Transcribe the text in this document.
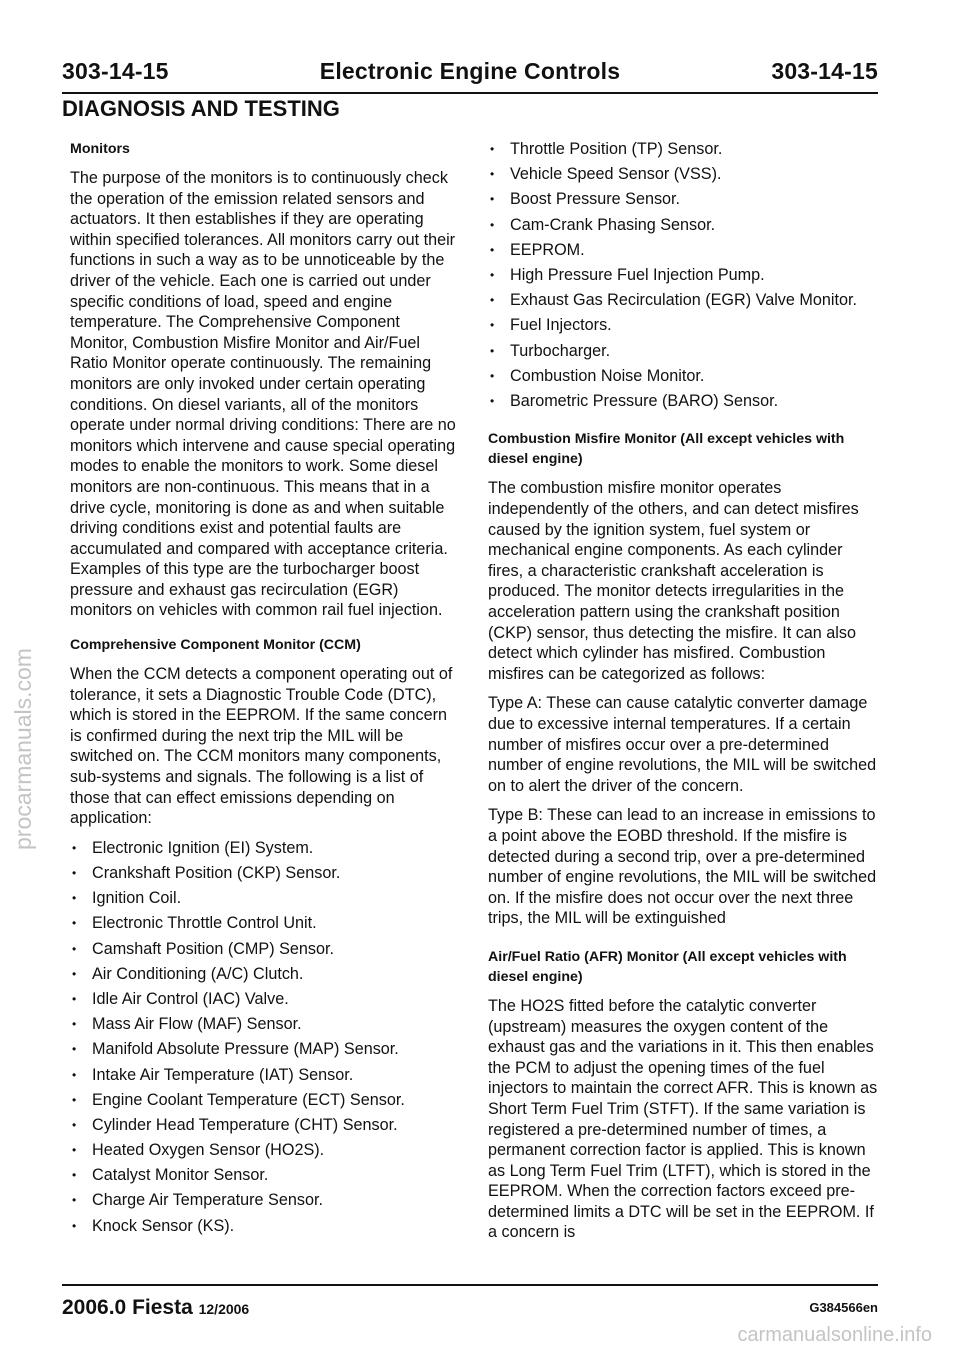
303-14-15	Electronic Engine Controls	303-14-15
DIAGNOSIS AND TESTING
Monitors
The purpose of the monitors is to continuously check the operation of the emission related sensors and actuators. It then establishes if they are operating within specified tolerances. All monitors carry out their functions in such a way as to be unnoticeable by the driver of the vehicle. Each one is carried out under specific conditions of load, speed and engine temperature. The Comprehensive Component Monitor, Combustion Misfire Monitor and Air/Fuel Ratio Monitor operate continuously. The remaining monitors are only invoked under certain operating conditions. On diesel variants, all of the monitors operate under normal driving conditions: There are no monitors which intervene and cause special operating modes to enable the monitors to work. Some diesel monitors are non-continuous. This means that in a drive cycle, monitoring is done as and when suitable driving conditions exist and potential faults are accumulated and compared with acceptance criteria. Examples of this type are the turbocharger boost pressure and exhaust gas recirculation (EGR) monitors on vehicles with common rail fuel injection.
Comprehensive Component Monitor (CCM)
When the CCM detects a component operating out of tolerance, it sets a Diagnostic Trouble Code (DTC), which is stored in the EEPROM. If the same concern is confirmed during the next trip the MIL will be switched on. The CCM monitors many components, sub-systems and signals. The following is a list of those that can effect emissions depending on application:
• Electronic Ignition (EI) System.
• Crankshaft Position (CKP) Sensor.
• Ignition Coil.
• Electronic Throttle Control Unit.
• Camshaft Position (CMP) Sensor.
• Air Conditioning (A/C) Clutch.
• Idle Air Control (IAC) Valve.
• Mass Air Flow (MAF) Sensor.
• Manifold Absolute Pressure (MAP) Sensor.
• Intake Air Temperature (IAT) Sensor.
• Engine Coolant Temperature (ECT) Sensor.
• Cylinder Head Temperature (CHT) Sensor.
• Heated Oxygen Sensor (HO2S).
• Catalyst Monitor Sensor.
• Charge Air Temperature Sensor.
• Knock Sensor (KS).
• Throttle Position (TP) Sensor.
• Vehicle Speed Sensor (VSS).
• Boost Pressure Sensor.
• Cam-Crank Phasing Sensor.
• EEPROM.
• High Pressure Fuel Injection Pump.
• Exhaust Gas Recirculation (EGR) Valve Monitor.
• Fuel Injectors.
• Turbocharger.
• Combustion Noise Monitor.
• Barometric Pressure (BARO) Sensor.
Combustion Misfire Monitor (All except vehicles with diesel engine)
The combustion misfire monitor operates independently of the others, and can detect misfires caused by the ignition system, fuel system or mechanical engine components. As each cylinder fires, a characteristic crankshaft acceleration is produced. The monitor detects irregularities in the acceleration pattern using the crankshaft position (CKP) sensor, thus detecting the misfire. It can also detect which cylinder has misfired. Combustion misfires can be categorized as follows:
Type A: These can cause catalytic converter damage due to excessive internal temperatures. If a certain number of misfires occur over a pre-determined number of engine revolutions, the MIL will be switched on to alert the driver of the concern.
Type B: These can lead to an increase in emissions to a point above the EOBD threshold. If the misfire is detected during a second trip, over a pre-determined number of engine revolutions, the MIL will be switched on. If the misfire does not occur over the next three trips, the MIL will be extinguished
Air/Fuel Ratio (AFR) Monitor (All except vehicles with diesel engine)
The HO2S fitted before the catalytic converter (upstream) measures the oxygen content of the exhaust gas and the variations in it. This then enables the PCM to adjust the opening times of the fuel injectors to maintain the correct AFR. This is known as Short Term Fuel Trim (STFT). If the same variation is registered a pre-determined number of times, a permanent correction factor is applied. This is known as Long Term Fuel Trim (LTFT), which is stored in the EEPROM. When the correction factors exceed pre-determined limits a DTC will be set in the EEPROM. If a concern is
2006.0 Fiesta 12/2006	G384566en
procarmanuals.com
carmanualsonline.info
